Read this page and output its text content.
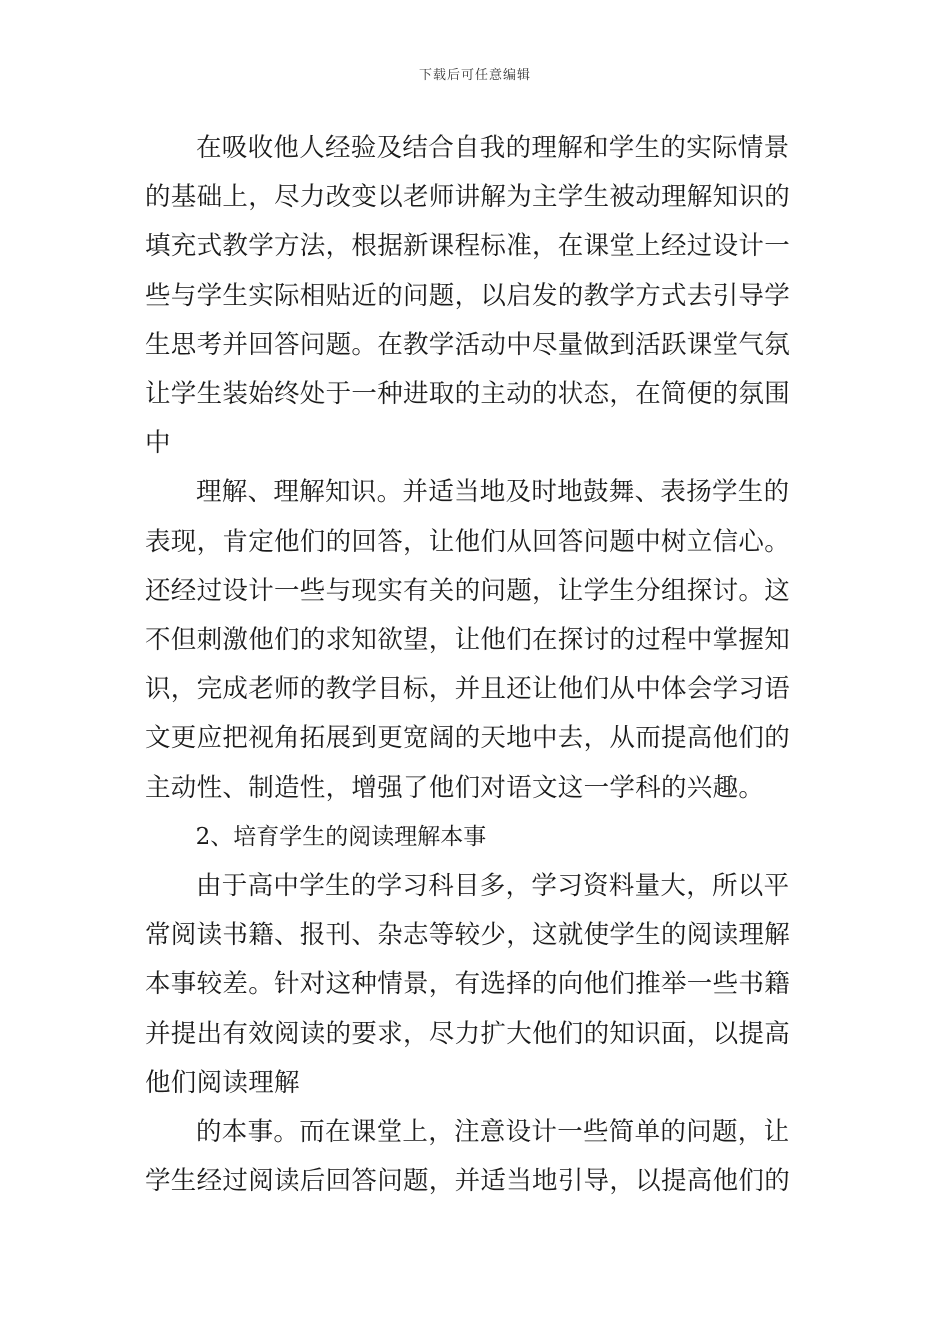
下载后可任意编辑

在吸收他人经验及结合自我的理解和学生的实际情景
的基础上，尽力改变以老师讲解为主学生被动理解知识的
填充式教学方法，根据新课程标准，在课堂上经过设计一
些与学生实际相贴近的问题，以启发的教学方式去引导学
生思考并回答问题。在教学活动中尽量做到活跃课堂气氛
让学生装始终处于一种进取的主动的状态，在简便的氛围
中

理解、理解知识。并适当地及时地鼓舞、表扬学生的
表现，肯定他们的回答，让他们从回答问题中树立信心。
还经过设计一些与现实有关的问题，让学生分组探讨。这
不但刺激他们的求知欲望，让他们在探讨的过程中掌握知
识，完成老师的教学目标，并且还让他们从中体会学习语
文更应把视角拓展到更宽阔的天地中去，从而提高他们的
主动性、制造性，增强了他们对语文这一学科的兴趣。

2、培育学生的阅读理解本事

由于高中学生的学习科目多，学习资料量大，所以平
常阅读书籍、报刊、杂志等较少，这就使学生的阅读理解
本事较差。针对这种情景，有选择的向他们推举一些书籍
并提出有效阅读的要求，尽力扩大他们的知识面，以提高
他们阅读理解

的本事。而在课堂上，注意设计一些简单的问题，让
学生经过阅读后回答问题，并适当地引导，以提高他们的
